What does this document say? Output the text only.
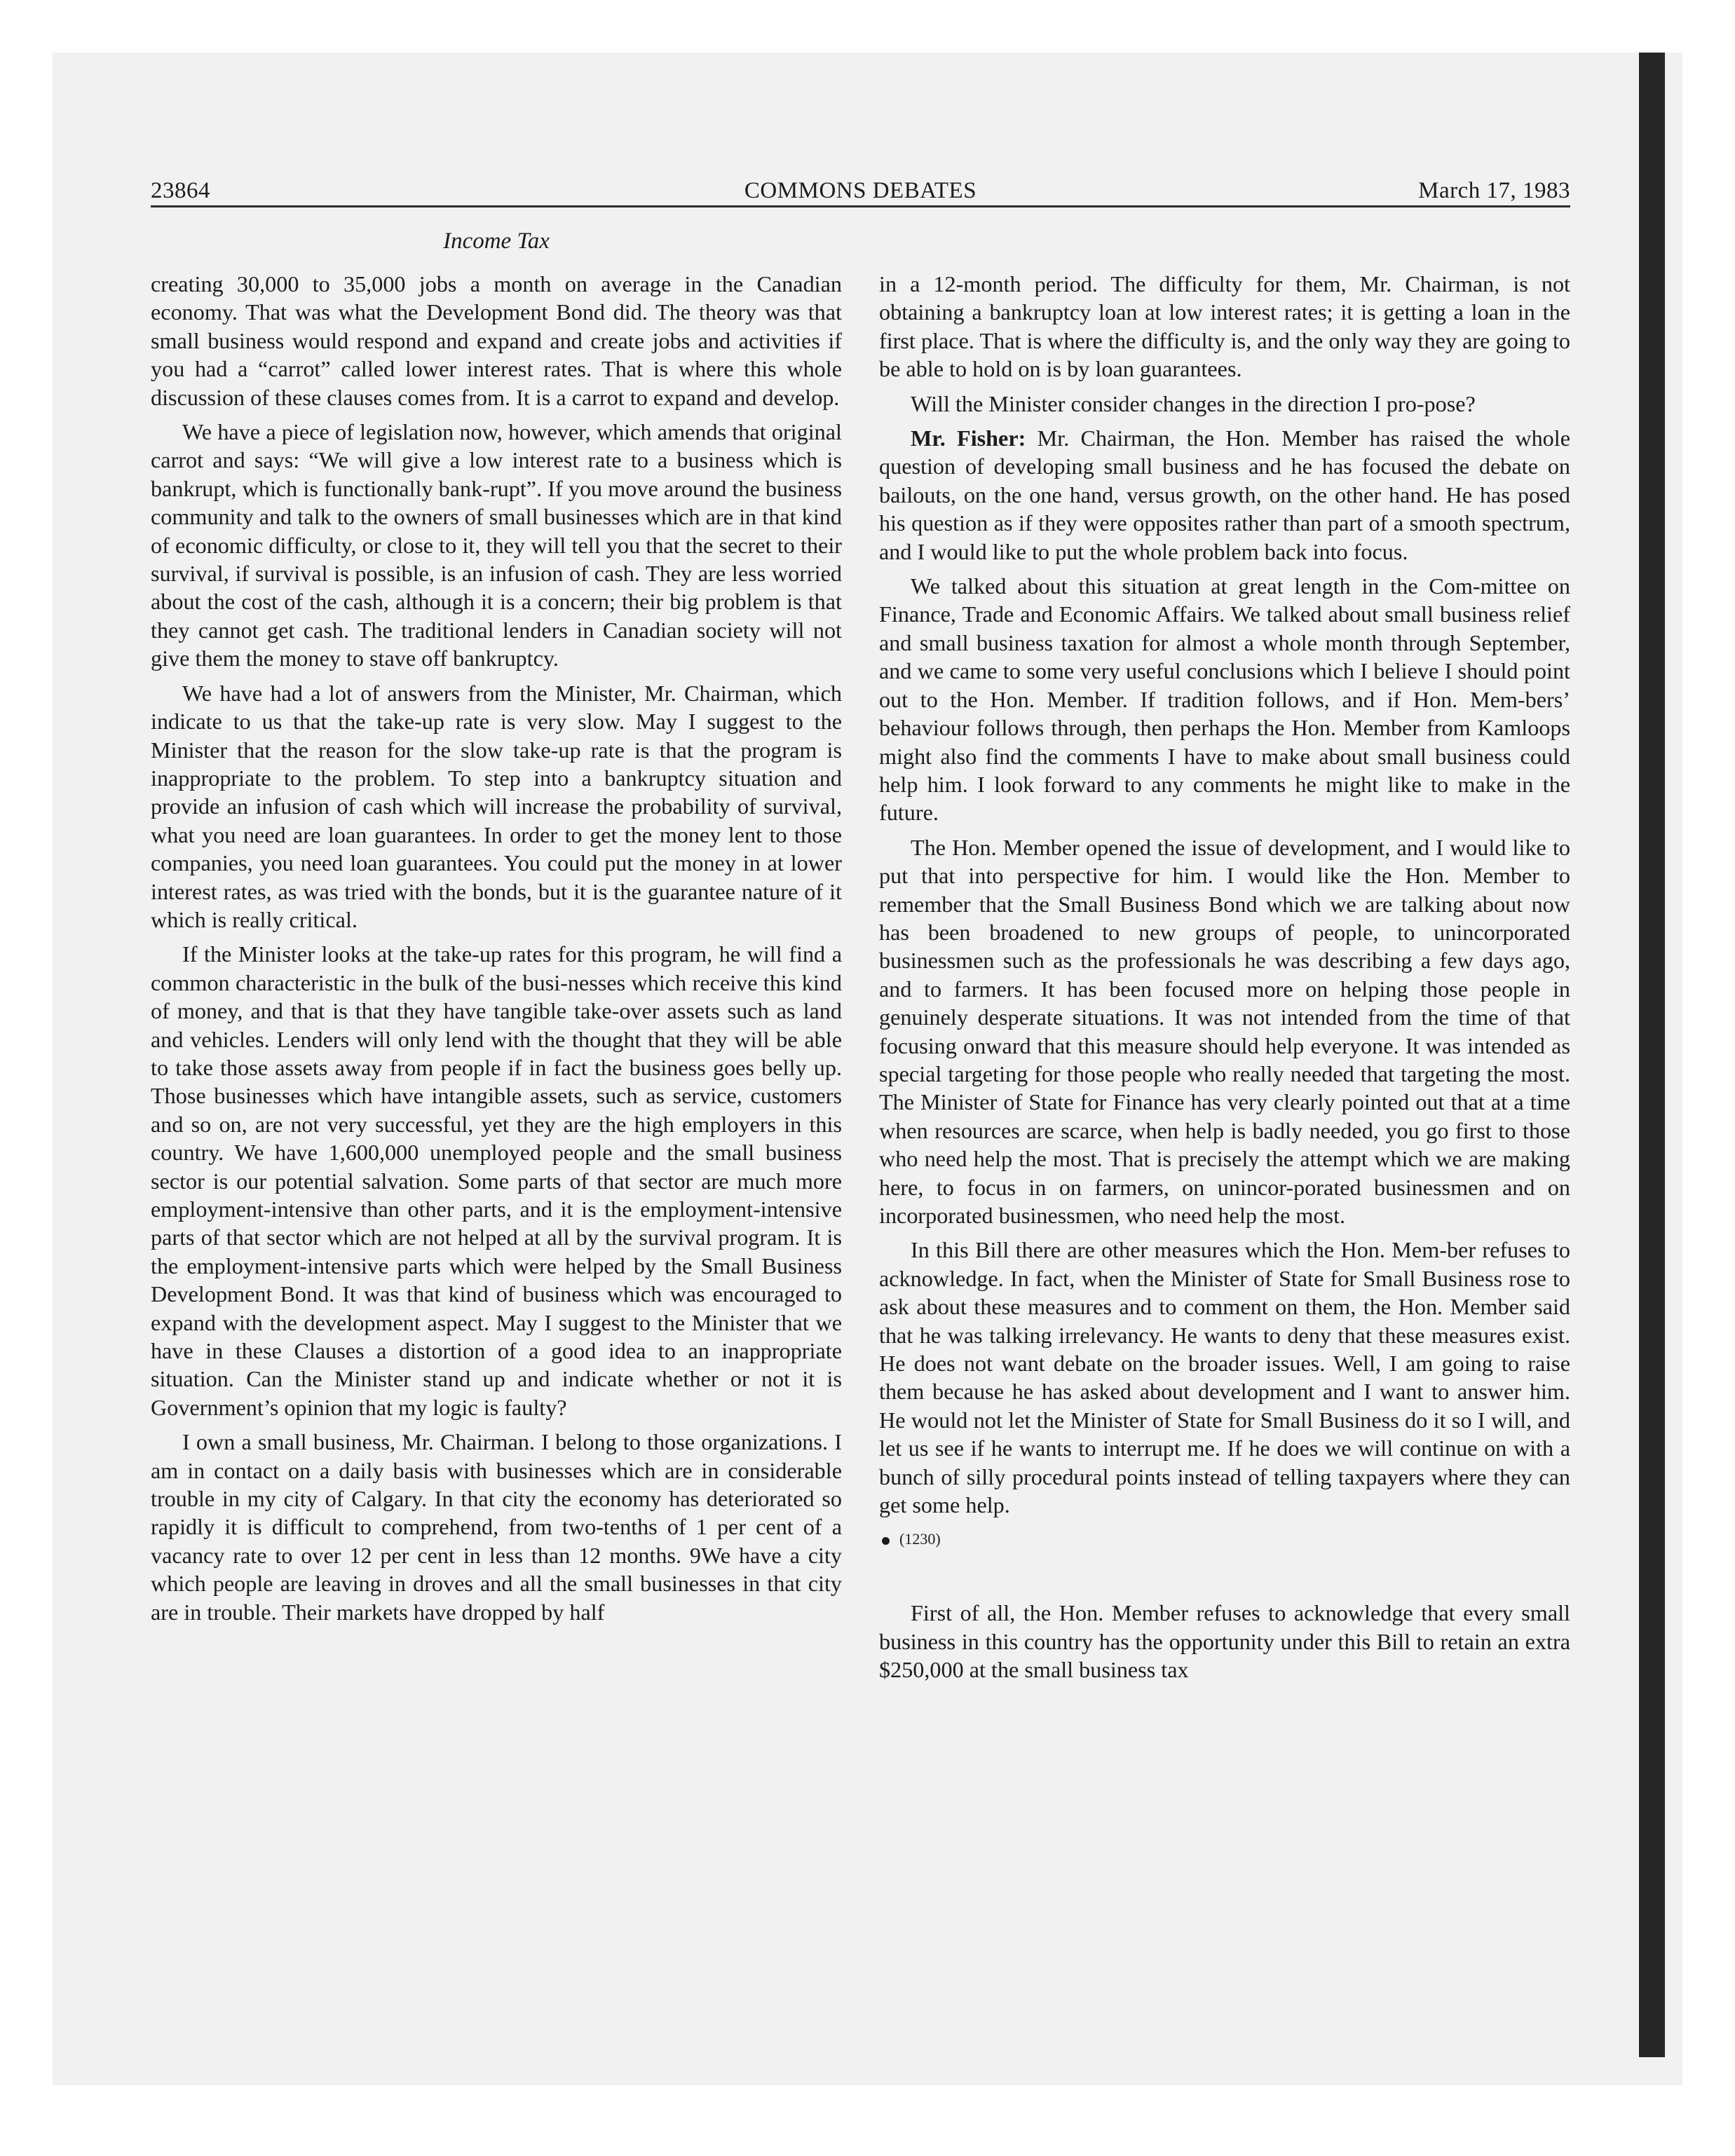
23864	COMMONS DEBATES	March 17, 1983
Income Tax

creating 30,000 to 35,000 jobs a month on average in the Canadian economy. That was what the Development Bond did. The theory was that small business would respond and expand and create jobs and activities if you had a “carrot” called lower interest rates. That is where this whole discussion of these clauses comes from. It is a carrot to expand and develop.

We have a piece of legislation now, however, which amends that original carrot and says: “We will give a low interest rate to a business which is bankrupt, which is functionally bank-rupt”. If you move around the business community and talk to the owners of small businesses which are in that kind of economic difficulty, or close to it, they will tell you that the secret to their survival, if survival is possible, is an infusion of cash. They are less worried about the cost of the cash, although it is a concern; their big problem is that they cannot get cash. The traditional lenders in Canadian society will not give them the money to stave off bankruptcy.

We have had a lot of answers from the Minister, Mr. Chairman, which indicate to us that the take-up rate is very slow. May I suggest to the Minister that the reason for the slow take-up rate is that the program is inappropriate to the problem. To step into a bankruptcy situation and provide an infusion of cash which will increase the probability of survival, what you need are loan guarantees. In order to get the money lent to those companies, you need loan guarantees. You could put the money in at lower interest rates, as was tried with the bonds, but it is the guarantee nature of it which is really critical.

If the Minister looks at the take-up rates for this program, he will find a common characteristic in the bulk of the busi-nesses which receive this kind of money, and that is that they have tangible take-over assets such as land and vehicles. Lenders will only lend with the thought that they will be able to take those assets away from people if in fact the business goes belly up. Those businesses which have intangible assets, such as service, customers and so on, are not very successful, yet they are the high employers in this country. We have 1,600,000 unemployed people and the small business sector is our potential salvation. Some parts of that sector are much more employment-intensive than other parts, and it is the employment-intensive parts of that sector which are not helped at all by the survival program. It is the employment-intensive parts which were helped by the Small Business Development Bond. It was that kind of business which was encouraged to expand with the development aspect. May I suggest to the Minister that we have in these Clauses a distortion of a good idea to an inappropriate situation. Can the Minister stand up and indicate whether or not it is Government’s opinion that my logic is faulty?

I own a small business, Mr. Chairman. I belong to those organizations. I am in contact on a daily basis with businesses which are in considerable trouble in my city of Calgary. In that city the economy has deteriorated so rapidly it is difficult to comprehend, from two-tenths of 1 per cent of a vacancy rate to over 12 per cent in less than 12 months. 9We have a city which people are leaving in droves and all the small businesses in that city are in trouble. Their markets have dropped by half

in a 12-month period. The difficulty for them, Mr. Chairman, is not obtaining a bankruptcy loan at low interest rates; it is getting a loan in the first place. That is where the difficulty is, and the only way they are going to be able to hold on is by loan guarantees.

Will the Minister consider changes in the direction I pro-pose?

Mr. Fisher: Mr. Chairman, the Hon. Member has raised the whole question of developing small business and he has focused the debate on bailouts, on the one hand, versus growth, on the other hand. He has posed his question as if they were opposites rather than part of a smooth spectrum, and I would like to put the whole problem back into focus.

We talked about this situation at great length in the Com-mittee on Finance, Trade and Economic Affairs. We talked about small business relief and small business taxation for almost a whole month through September, and we came to some very useful conclusions which I believe I should point out to the Hon. Member. If tradition follows, and if Hon. Mem-bers’ behaviour follows through, then perhaps the Hon. Member from Kamloops might also find the comments I have to make about small business could help him. I look forward to any comments he might like to make in the future.

The Hon. Member opened the issue of development, and I would like to put that into perspective for him. I would like the Hon. Member to remember that the Small Business Bond which we are talking about now has been broadened to new groups of people, to unincorporated businessmen such as the professionals he was describing a few days ago, and to farmers. It has been focused more on helping those people in genuinely desperate situations. It was not intended from the time of that focusing onward that this measure should help everyone. It was intended as special targeting for those people who really needed that targeting the most. The Minister of State for Finance has very clearly pointed out that at a time when resources are scarce, when help is badly needed, you go first to those who need help the most. That is precisely the attempt which we are making here, to focus in on farmers, on unincor-porated businessmen and on incorporated businessmen, who need help the most.

In this Bill there are other measures which the Hon. Mem-ber refuses to acknowledge. In fact, when the Minister of State for Small Business rose to ask about these measures and to comment on them, the Hon. Member said that he was talking irrelevancy. He wants to deny that these measures exist. He does not want debate on the broader issues. Well, I am going to raise them because he has asked about development and I want to answer him. He would not let the Minister of State for Small Business do it so I will, and let us see if he wants to interrupt me. If he does we will continue on with a bunch of silly procedural points instead of telling taxpayers where they can get some help.

(1230)

First of all, the Hon. Member refuses to acknowledge that every small business in this country has the opportunity under this Bill to retain an extra $250,000 at the small business tax
